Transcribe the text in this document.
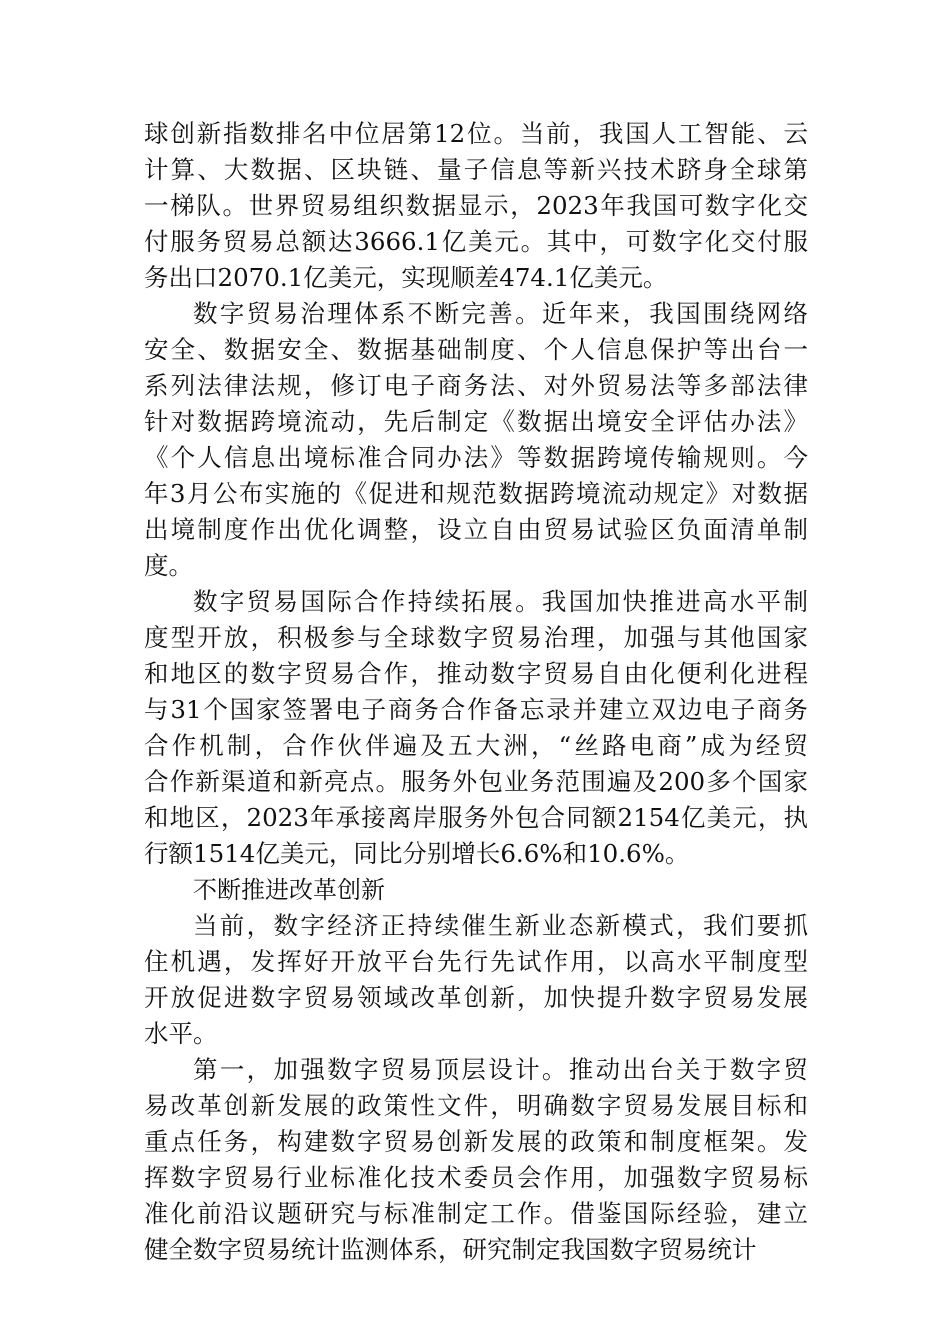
球创新指数排名中位居第12位。当前，我国人工智能、云
计算、大数据、区块链、量子信息等新兴技术跻身全球第
一梯队。世界贸易组织数据显示，2023年我国可数字化交
付服务贸易总额达3666.1亿美元。其中，可数字化交付服
务出口2070.1亿美元，实现顺差474.1亿美元。
数字贸易治理体系不断完善。近年来，我国围绕网络
安全、数据安全、数据基础制度、个人信息保护等出台一
系列法律法规，修订电子商务法、对外贸易法等多部法律
针对数据跨境流动，先后制定《数据出境安全评估办法》
《个人信息出境标准合同办法》等数据跨境传输规则。今
年3月公布实施的《促进和规范数据跨境流动规定》对数据
出境制度作出优化调整，设立自由贸易试验区负面清单制
度。
数字贸易国际合作持续拓展。我国加快推进高水平制
度型开放，积极参与全球数字贸易治理，加强与其他国家
和地区的数字贸易合作，推动数字贸易自由化便利化进程
与31个国家签署电子商务合作备忘录并建立双边电子商务
合作机制，合作伙伴遍及五大洲，“丝路电商”成为经贸
合作新渠道和新亮点。服务外包业务范围遍及200多个国家
和地区，2023年承接离岸服务外包合同额2154亿美元，执
行额1514亿美元，同比分别增长6.6%和10.6%。
不断推进改革创新
当前，数字经济正持续催生新业态新模式，我们要抓
住机遇，发挥好开放平台先行先试作用，以高水平制度型
开放促进数字贸易领域改革创新，加快提升数字贸易发展
水平。
第一，加强数字贸易顶层设计。推动出台关于数字贸
易改革创新发展的政策性文件，明确数字贸易发展目标和
重点任务，构建数字贸易创新发展的政策和制度框架。发
挥数字贸易行业标准化技术委员会作用，加强数字贸易标
准化前沿议题研究与标准制定工作。借鉴国际经验，建立
健全数字贸易统计监测体系，研究制定我国数字贸易统计
